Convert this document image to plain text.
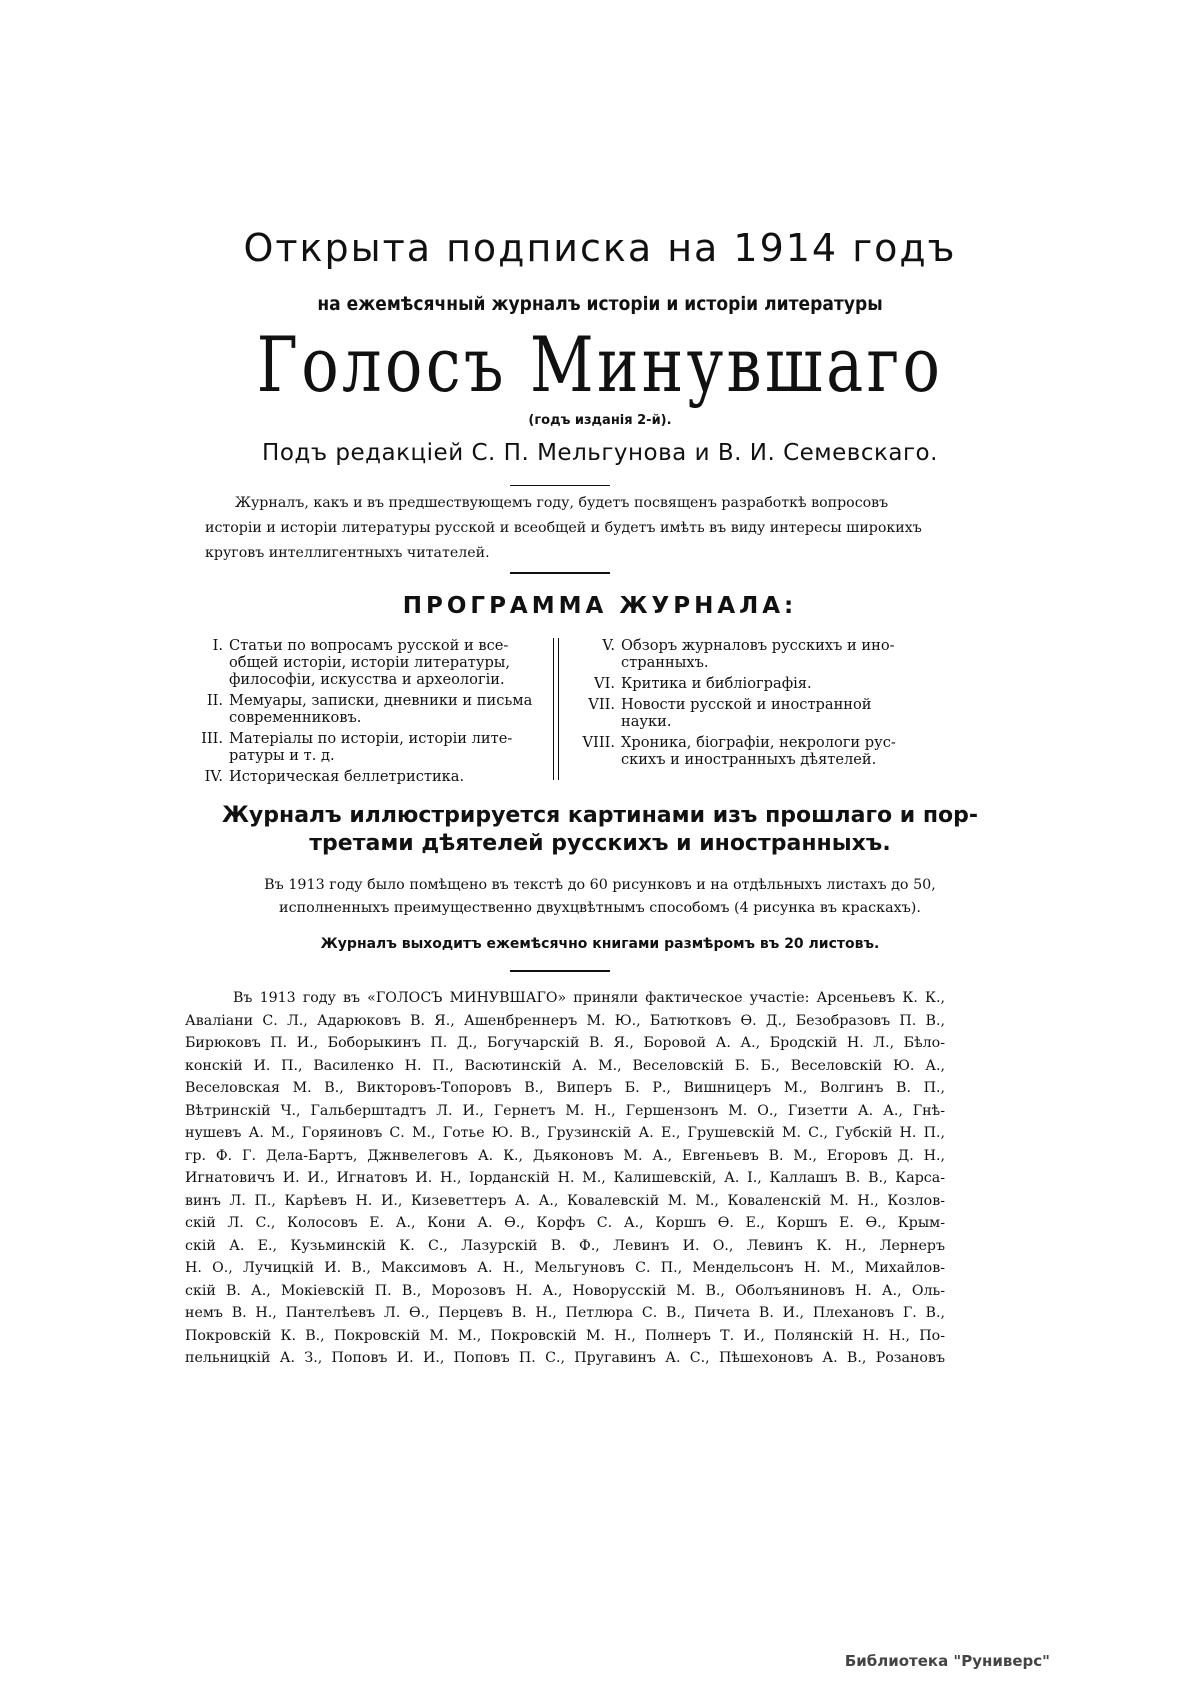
Открыта подписка на 1914 годъ
на ежемѣсячный журналъ исторіи и исторіи литературы
Голосъ Минувшаго
(годъ изданія 2-й).
Подъ редакціей С. П. Мельгунова и В. И. Семевскаго.
Журналъ, какъ и въ предшествующемъ году, будетъ посвященъ разработкѣ вопросовъ
исторіи и исторіи литературы русской и всеобщей и будетъ имѣть въ виду интересы широкихъ
круговъ интеллигентныхъ читателей.
ПРОГРАММА ЖУРНАЛА:
I. Статьи по вопросамъ русской и все-
общей исторіи, исторіи литературы,
философіи, искусства и археологіи.
II. Мемуары, записки, дневники и письма
современниковъ.
III. Матеріалы по исторіи, исторіи лите-
ратуры и т. д.
IV. Историческая беллетристика.
V. Обзоръ журналовъ русскихъ и ино-
странныхъ.
VI. Критика и библіографія.
VII. Новости русской и иностранной
науки.
VIII. Хроника, біографіи, некрологи рус-
скихъ и иностранныхъ дѣятелей.
Журналъ иллюстрируется картинами изъ прошлаго и пор-
третами дѣятелей русскихъ и иностранныхъ.
Въ 1913 году было помѣщено въ текстѣ до 60 рисунковъ и на отдѣльныхъ листахъ до 50,
исполненныхъ преимущественно двухцвѣтнымъ способомъ (4 рисунка въ краскахъ).
Журналъ выходитъ ежемѣсячно книгами размѣромъ въ 20 листовъ.
Въ 1913 году въ «ГОЛОСЪ МИНУВШАГО» приняли фактическое участіе: Арсеньевъ К. К.,
Аваліани С. Л., Адарюковъ В. Я., Ашенбреннеръ М. Ю., Батютковъ Ѳ. Д., Безобразовъ П. В.,
Бирюковъ П. И., Боборыкинъ П. Д., Богучарскій В. Я., Боровой А. А., Бродскій Н. Л., Бѣло-
конскій И. П., Василенко Н. П., Васютинскій А. М., Веселовскій Б. Б., Веселовскій Ю. А.,
Веселовская М. В., Викторовъ-Топоровъ В., Виперъ Б. Р., Вишницеръ М., Волгинъ В. П.,
Вѣтринскій Ч., Гальберштадтъ Л. И., Гернетъ М. Н., Гершензонъ М. О., Гизетти А. А., Гнѣ-
нушевъ А. М., Горяиновъ С. М., Готье Ю. В., Грузинскій А. Е., Грушевскій М. С., Губскій Н. П.,
гр. Ф. Г. Дела-Бартъ, Джнвелеговъ А. К., Дьяконовъ М. А., Евгеньевъ В. М., Егоровъ Д. Н.,
Игнатовичъ И. И., Игнатовъ И. Н., Іорданскій Н. М., Калишевскій, А. І., Каллашъ В. В., Карса-
винъ Л. П., Карѣевъ Н. И., Кизеветтеръ А. А., Ковалевскій М. М., Коваленскій М. Н., Козлов-
скій Л. С., Колосовъ Е. А., Кони А. Ѳ., Корфъ С. А., Коршъ Ѳ. Е., Коршъ Е. Ѳ., Крым-
скій А. Е., Кузьминскій К. С., Лазурскій В. Ф., Левинъ И. О., Левинъ К. Н., Лернеръ
Н. О., Лучицкій И. В., Максимовъ А. Н., Мельгуновъ С. П., Мендельсонъ Н. М., Михайлов-
скій В. А., Мокіевскій П. В., Морозовъ Н. А., Новорусскій М. В., Оболъяниновъ Н. А., Оль-
немъ В. Н., Пантелѣевъ Л. Ѳ., Перцевъ В. Н., Петлюра С. В., Пичета В. И., Плехановъ Г. В.,
Покровскій К. В., Покровскій М. М., Покровскій М. Н., Полнеръ Т. И., Полянскій Н. Н., По-
пельницкій А. З., Поповъ И. И., Поповъ П. С., Пругавинъ А. С., Пѣшехоновъ А. В., Розановъ
Библиотека "Руниверс"
